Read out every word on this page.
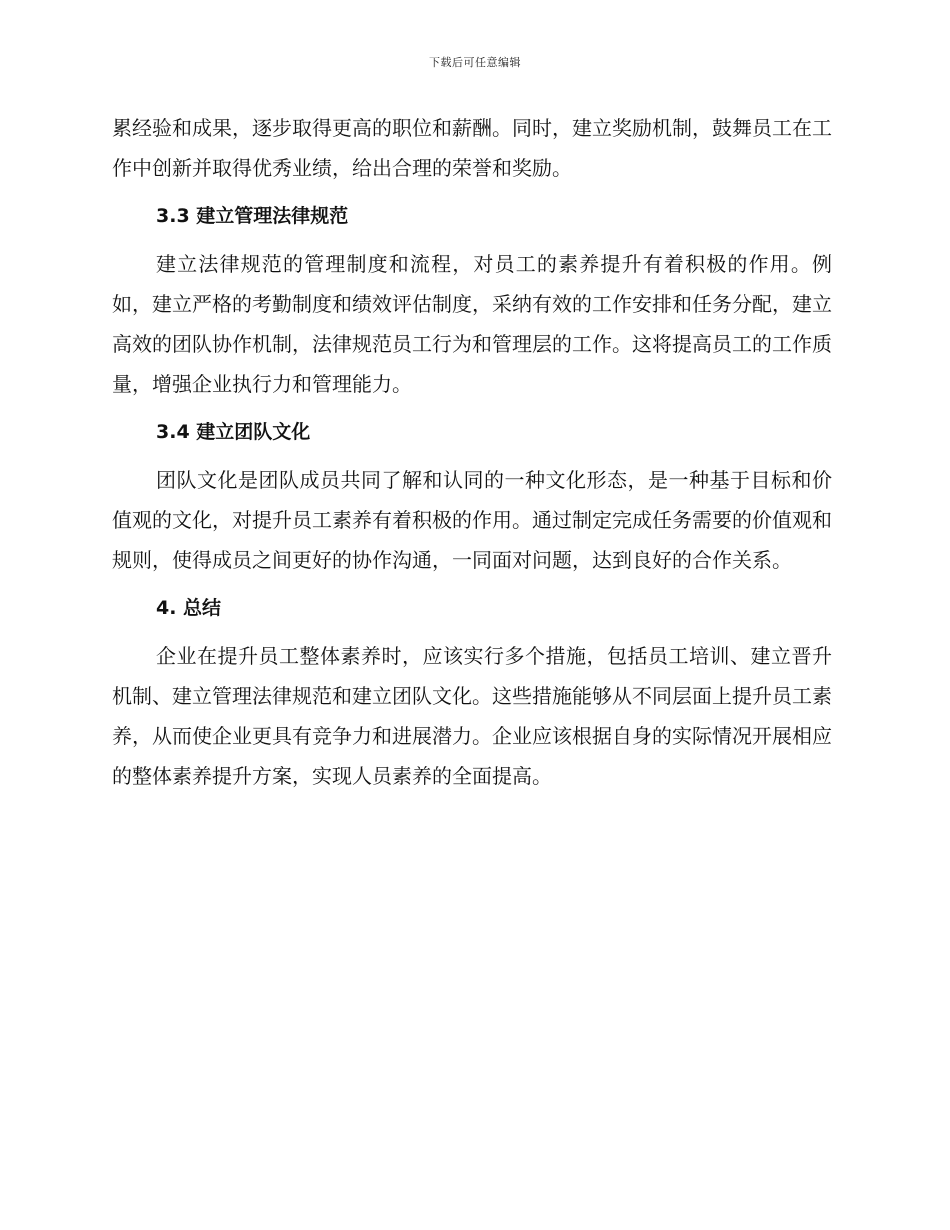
下载后可任意编辑

累经验和成果，逐步取得更高的职位和薪酬。同时，建立奖励机制，鼓舞员工在工作中创新并取得优秀业绩，给出合理的荣誉和奖励。

3.3 建立管理法律规范

建立法律规范的管理制度和流程，对员工的素养提升有着积极的作用。例如，建立严格的考勤制度和绩效评估制度，采纳有效的工作安排和任务分配，建立高效的团队协作机制，法律规范员工行为和管理层的工作。这将提高员工的工作质量，增强企业执行力和管理能力。

3.4 建立团队文化

团队文化是团队成员共同了解和认同的一种文化形态，是一种基于目标和价值观的文化，对提升员工素养有着积极的作用。通过制定完成任务需要的价值观和规则，使得成员之间更好的协作沟通，一同面对问题，达到良好的合作关系。

4. 总结

企业在提升员工整体素养时，应该实行多个措施，包括员工培训、建立晋升机制、建立管理法律规范和建立团队文化。这些措施能够从不同层面上提升员工素养，从而使企业更具有竞争力和进展潜力。企业应该根据自身的实际情况开展相应的整体素养提升方案，实现人员素养的全面提高。
